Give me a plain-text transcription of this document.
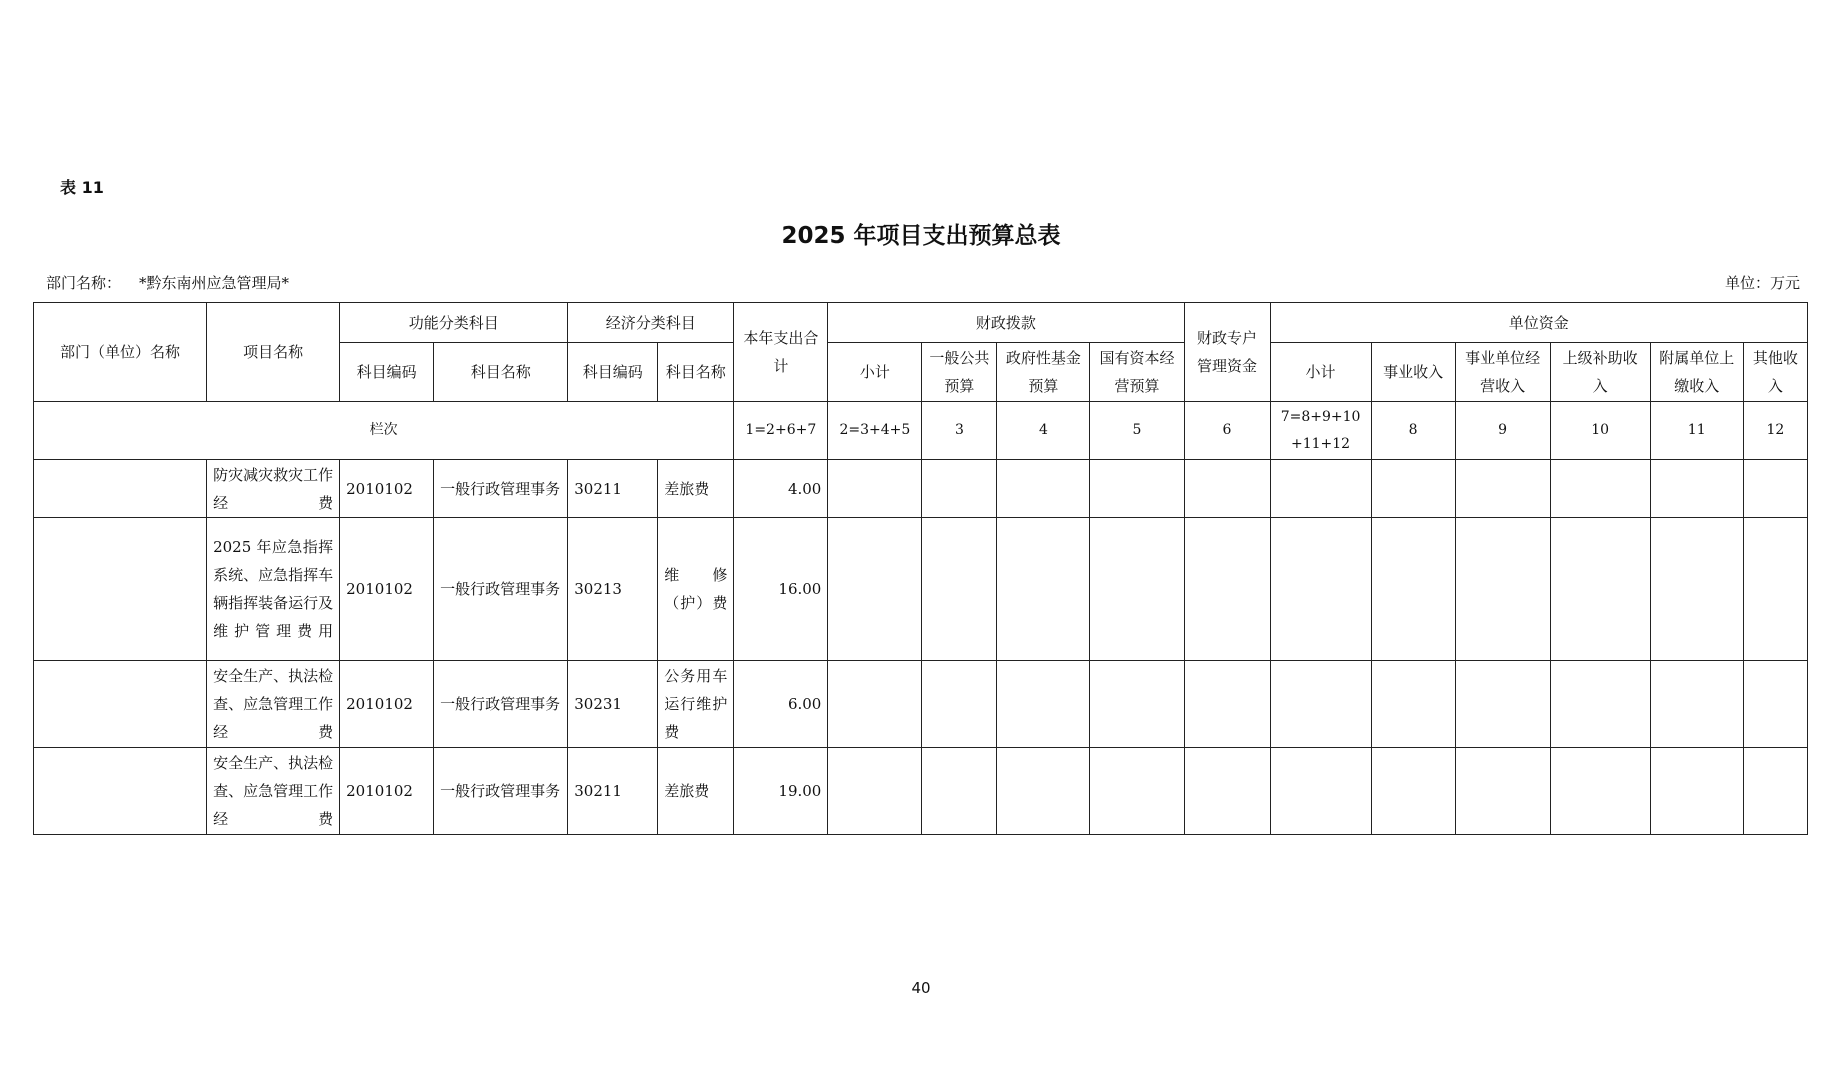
表 11
2025 年项目支出预算总表
部门名称： *黔东南州应急管理局*	单位：万元
部门（单位）名称	项目名称	功能分类科目		经济分类科目		本年支出合计	财政拨款				财政专户管理资金	单位资金					
		科目编码	科目名称	科目编码	科目名称		小计	一般公共预算	政府性基金预算	国有资本经营预算		小计	事业收入	事业单位经营收入	上级补助收入	附属单位上缴收入	其他收入
栏次						1=2+6+7	2=3+4+5	3	4	5	6	7=8+9+10+11+12	8	9	10	11	12
	防灾减灾救灾工作经费	2010102	一般行政管理事务	30211	差旅费	4.00											
	2025 年应急指挥系统、应急指挥车辆指挥装备运行及维护管理费用	2010102	一般行政管理事务	30213	维修（护）费	16.00											
	安全生产、执法检查、应急管理工作经费	2010102	一般行政管理事务	30231	公务用车运行维护费	6.00											
	安全生产、执法检查、应急管理工作经费	2010102	一般行政管理事务	30211	差旅费	19.00											
40
